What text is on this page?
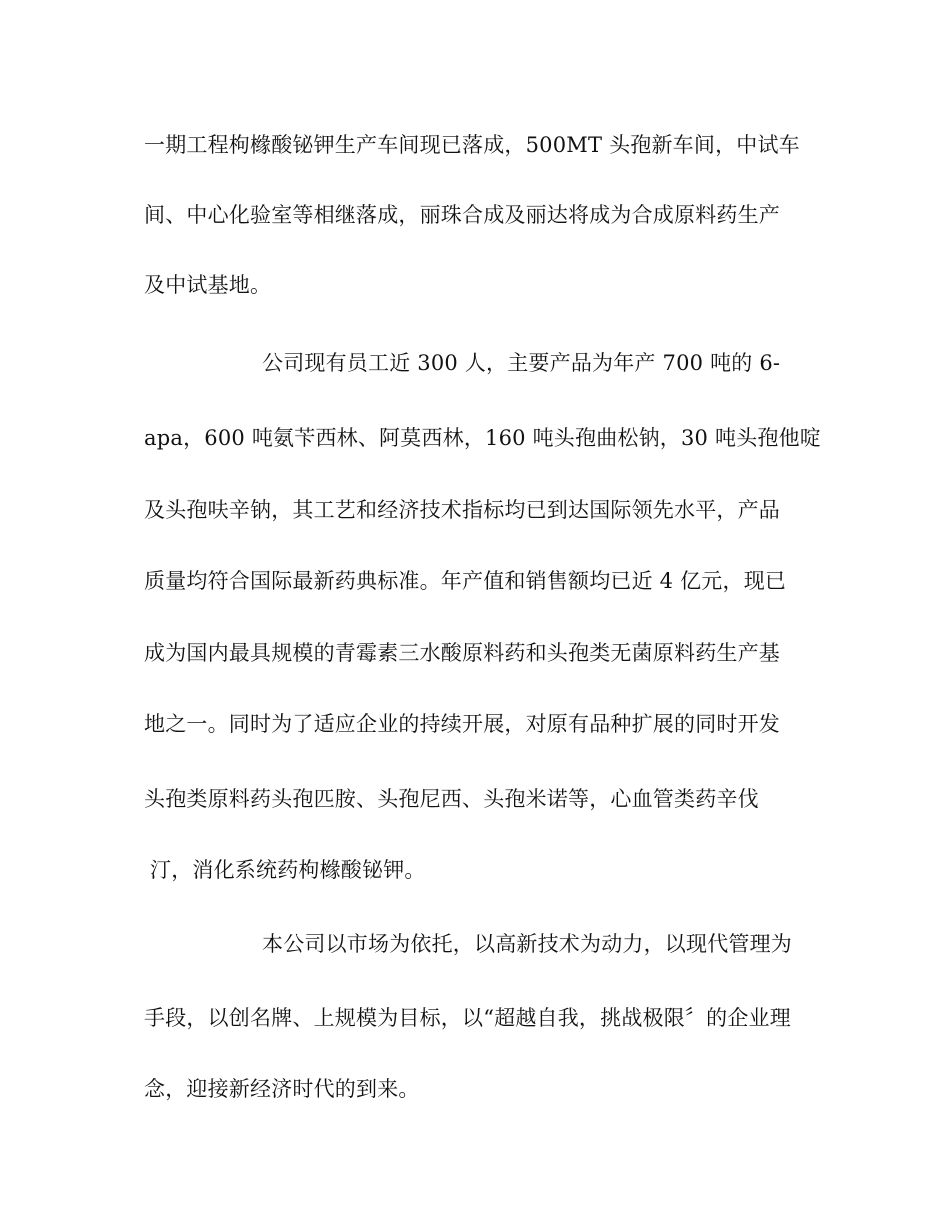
一期工程枸橼酸铋钾生产车间现已落成，500MT 头孢新车间，中试车
间、中心化验室等相继落成，丽珠合成及丽达将成为合成原料药生产
及中试基地。
公司现有员工近 300 人，主要产品为年产 700 吨的 6-
apa，600 吨氨苄西林、阿莫西林，160 吨头孢曲松钠，30 吨头孢他啶
及头孢呋辛钠，其工艺和经济技术指标均已到达国际领先水平，产品
质量均符合国际最新药典标准。年产值和销售额均已近 4 亿元，现已
成为国内最具规模的青霉素三水酸原料药和头孢类无菌原料药生产基
地之一。同时为了适应企业的持续开展，对原有品种扩展的同时开发
头孢类原料药头孢匹胺、头孢尼西、头孢米诺等，心血管类药辛伐
汀，消化系统药枸橼酸铋钾。
本公司以市场为依托，以高新技术为动力，以现代管理为
手段，以创名牌、上规模为目标，以“超越自我，挑战极限〞的企业理
念，迎接新经济时代的到来。
